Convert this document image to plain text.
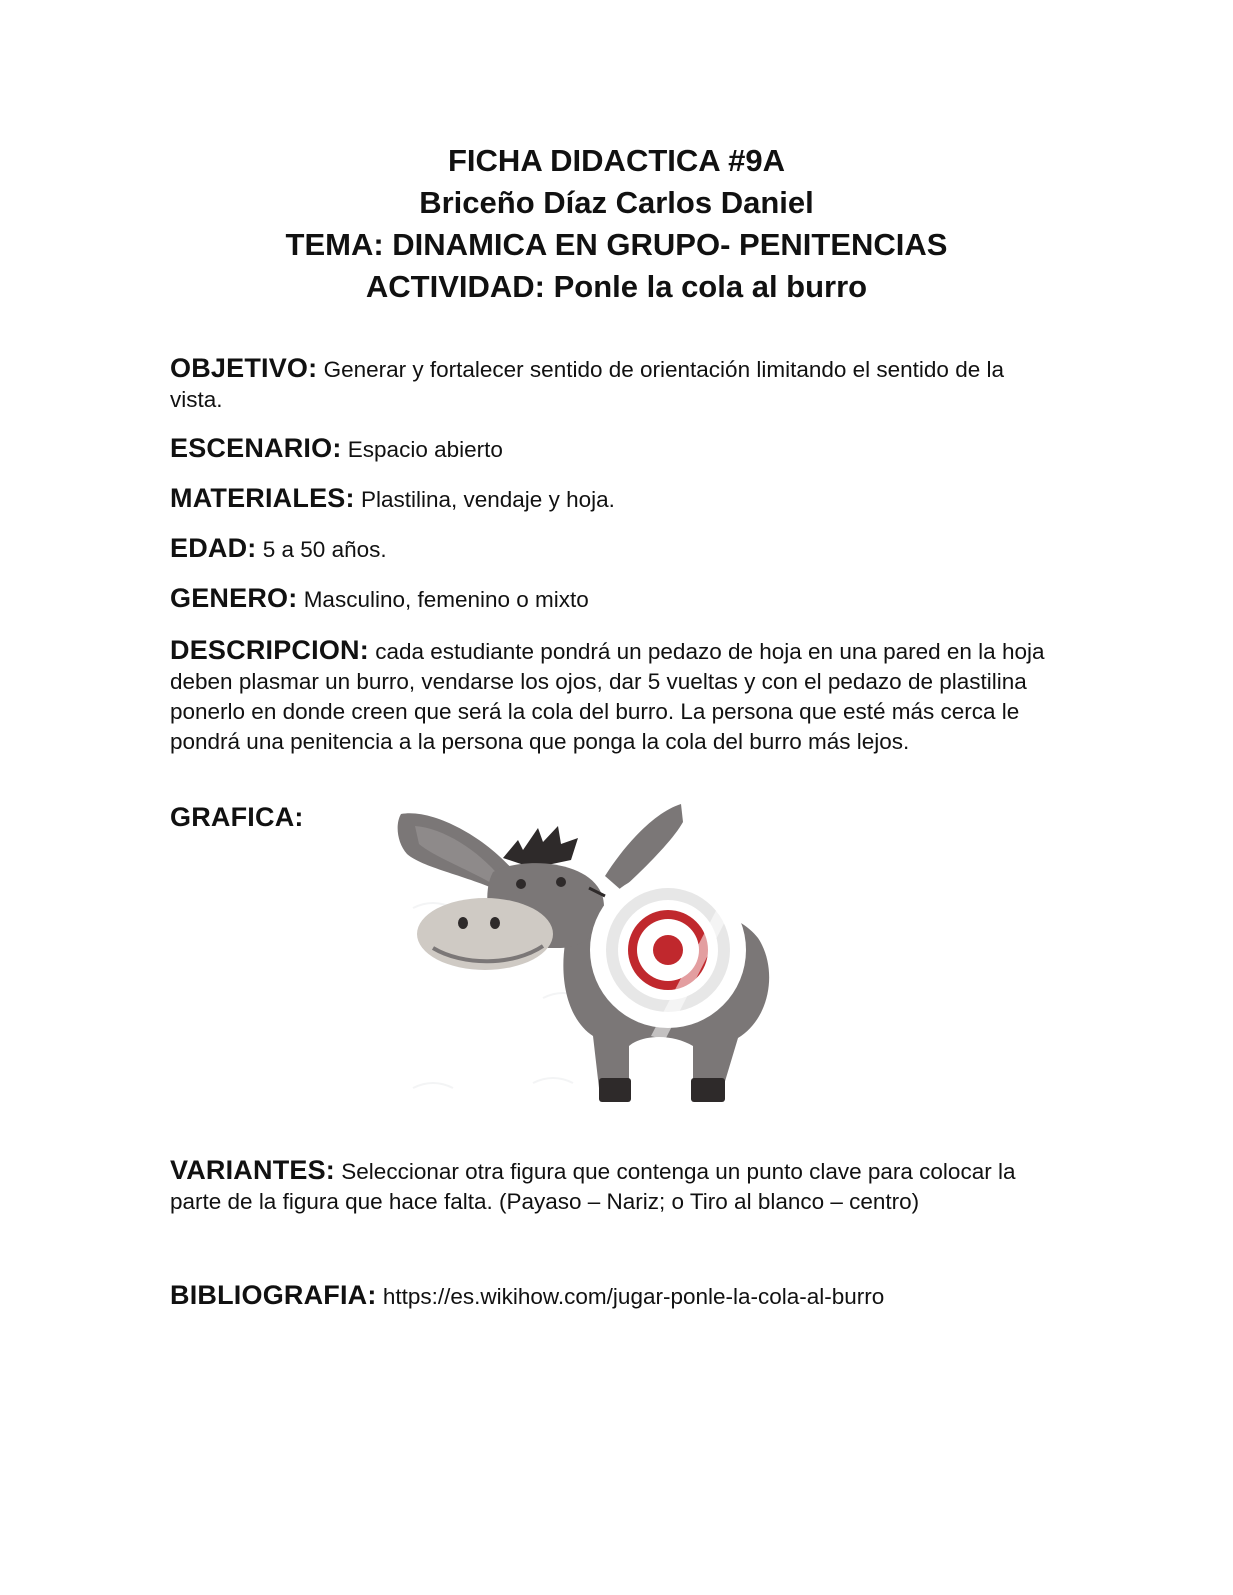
FICHA DIDACTICA #9A
Briceño Díaz Carlos Daniel
TEMA: DINAMICA EN GRUPO- PENITENCIAS
ACTIVIDAD: Ponle la cola al burro

OBJETIVO: Generar y fortalecer sentido de orientación limitando el sentido de la vista.

ESCENARIO: Espacio abierto

MATERIALES: Plastilina, vendaje y hoja.

EDAD: 5 a 50 años.

GENERO: Masculino, femenino o mixto

DESCRIPCION: cada estudiante pondrá un pedazo de hoja en una pared en la hoja deben plasmar un burro, vendarse los ojos, dar 5 vueltas y con el pedazo de plastilina ponerlo en donde creen que será la cola del burro. La persona que esté más cerca le pondrá una penitencia a la persona que ponga la cola del burro más lejos.

GRAFICA:

VARIANTES: Seleccionar otra figura que contenga un punto clave para colocar la parte de la figura que hace falta. (Payaso – Nariz; o Tiro al blanco – centro)

BIBLIOGRAFIA: https://es.wikihow.com/jugar-ponle-la-cola-al-burro
